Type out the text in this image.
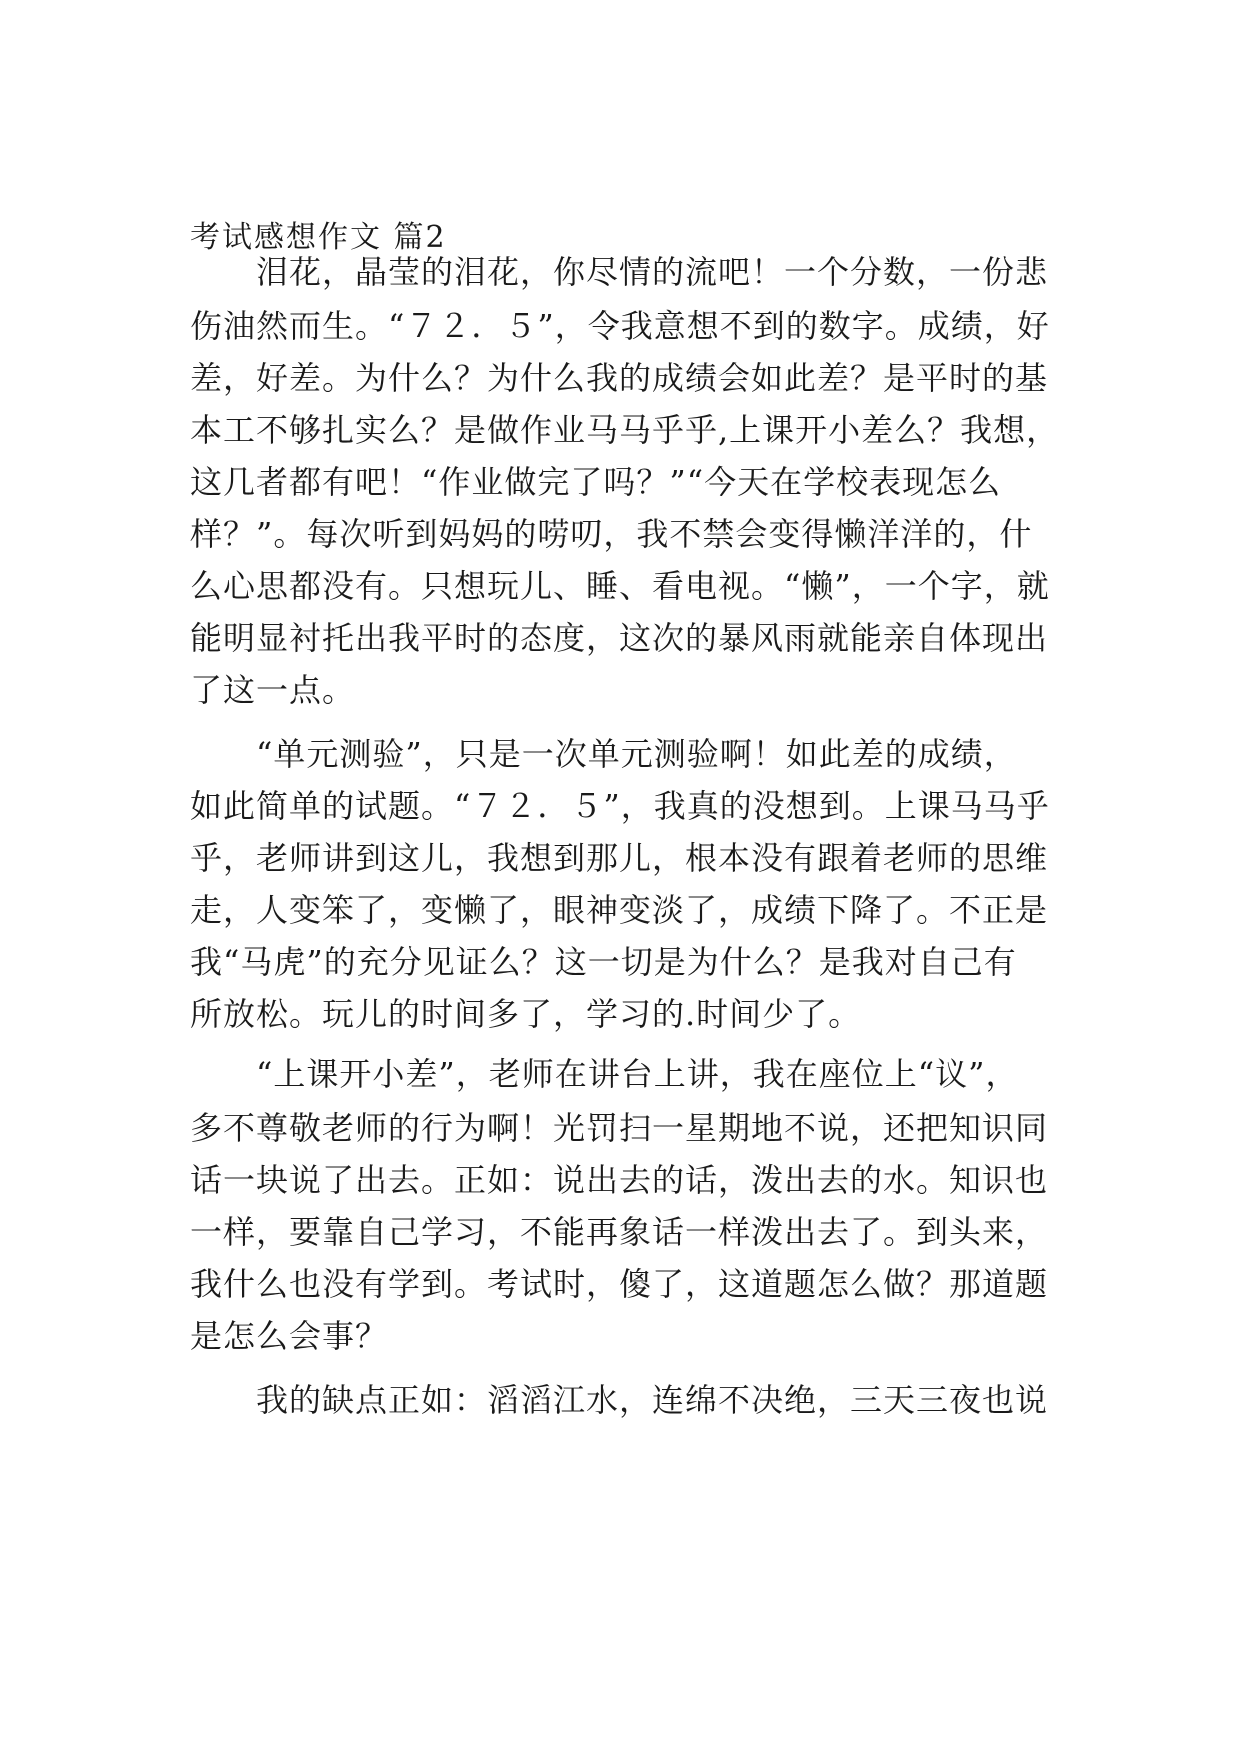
考试感想作文 篇2
泪花，晶莹的泪花，你尽情的流吧！一个分数，一份悲
伤油然而生。“７２．５”，令我意想不到的数字。成绩，好
差，好差。为什么？为什么我的成绩会如此差？是平时的基
本工不够扎实么？是做作业马马乎乎,上课开小差么？我想，
这几者都有吧！“作业做完了吗？”“今天在学校表现怎么
样？”。每次听到妈妈的唠叨，我不禁会变得懒洋洋的，什
么心思都没有。只想玩儿、睡、看电视。“懒”，一个字，就
能明显衬托出我平时的态度，这次的暴风雨就能亲自体现出
了这一点。
“单元测验”，只是一次单元测验啊！如此差的成绩，
如此简单的试题。“７２．５”，我真的没想到。上课马马乎
乎，老师讲到这儿，我想到那儿，根本没有跟着老师的思维
走，人变笨了，变懒了，眼神变淡了，成绩下降了。不正是
我“马虎”的充分见证么？这一切是为什么？是我对自己有
所放松。玩儿的时间多了，学习的.时间少了。
“上课开小差”，老师在讲台上讲，我在座位上“议”，
多不尊敬老师的行为啊！光罚扫一星期地不说，还把知识同
话一块说了出去。正如：说出去的话，泼出去的水。知识也
一样，要靠自己学习，不能再象话一样泼出去了。到头来，
我什么也没有学到。考试时，傻了，这道题怎么做？那道题
是怎么会事？
我的缺点正如：滔滔江水，连绵不决绝，三天三夜也说
